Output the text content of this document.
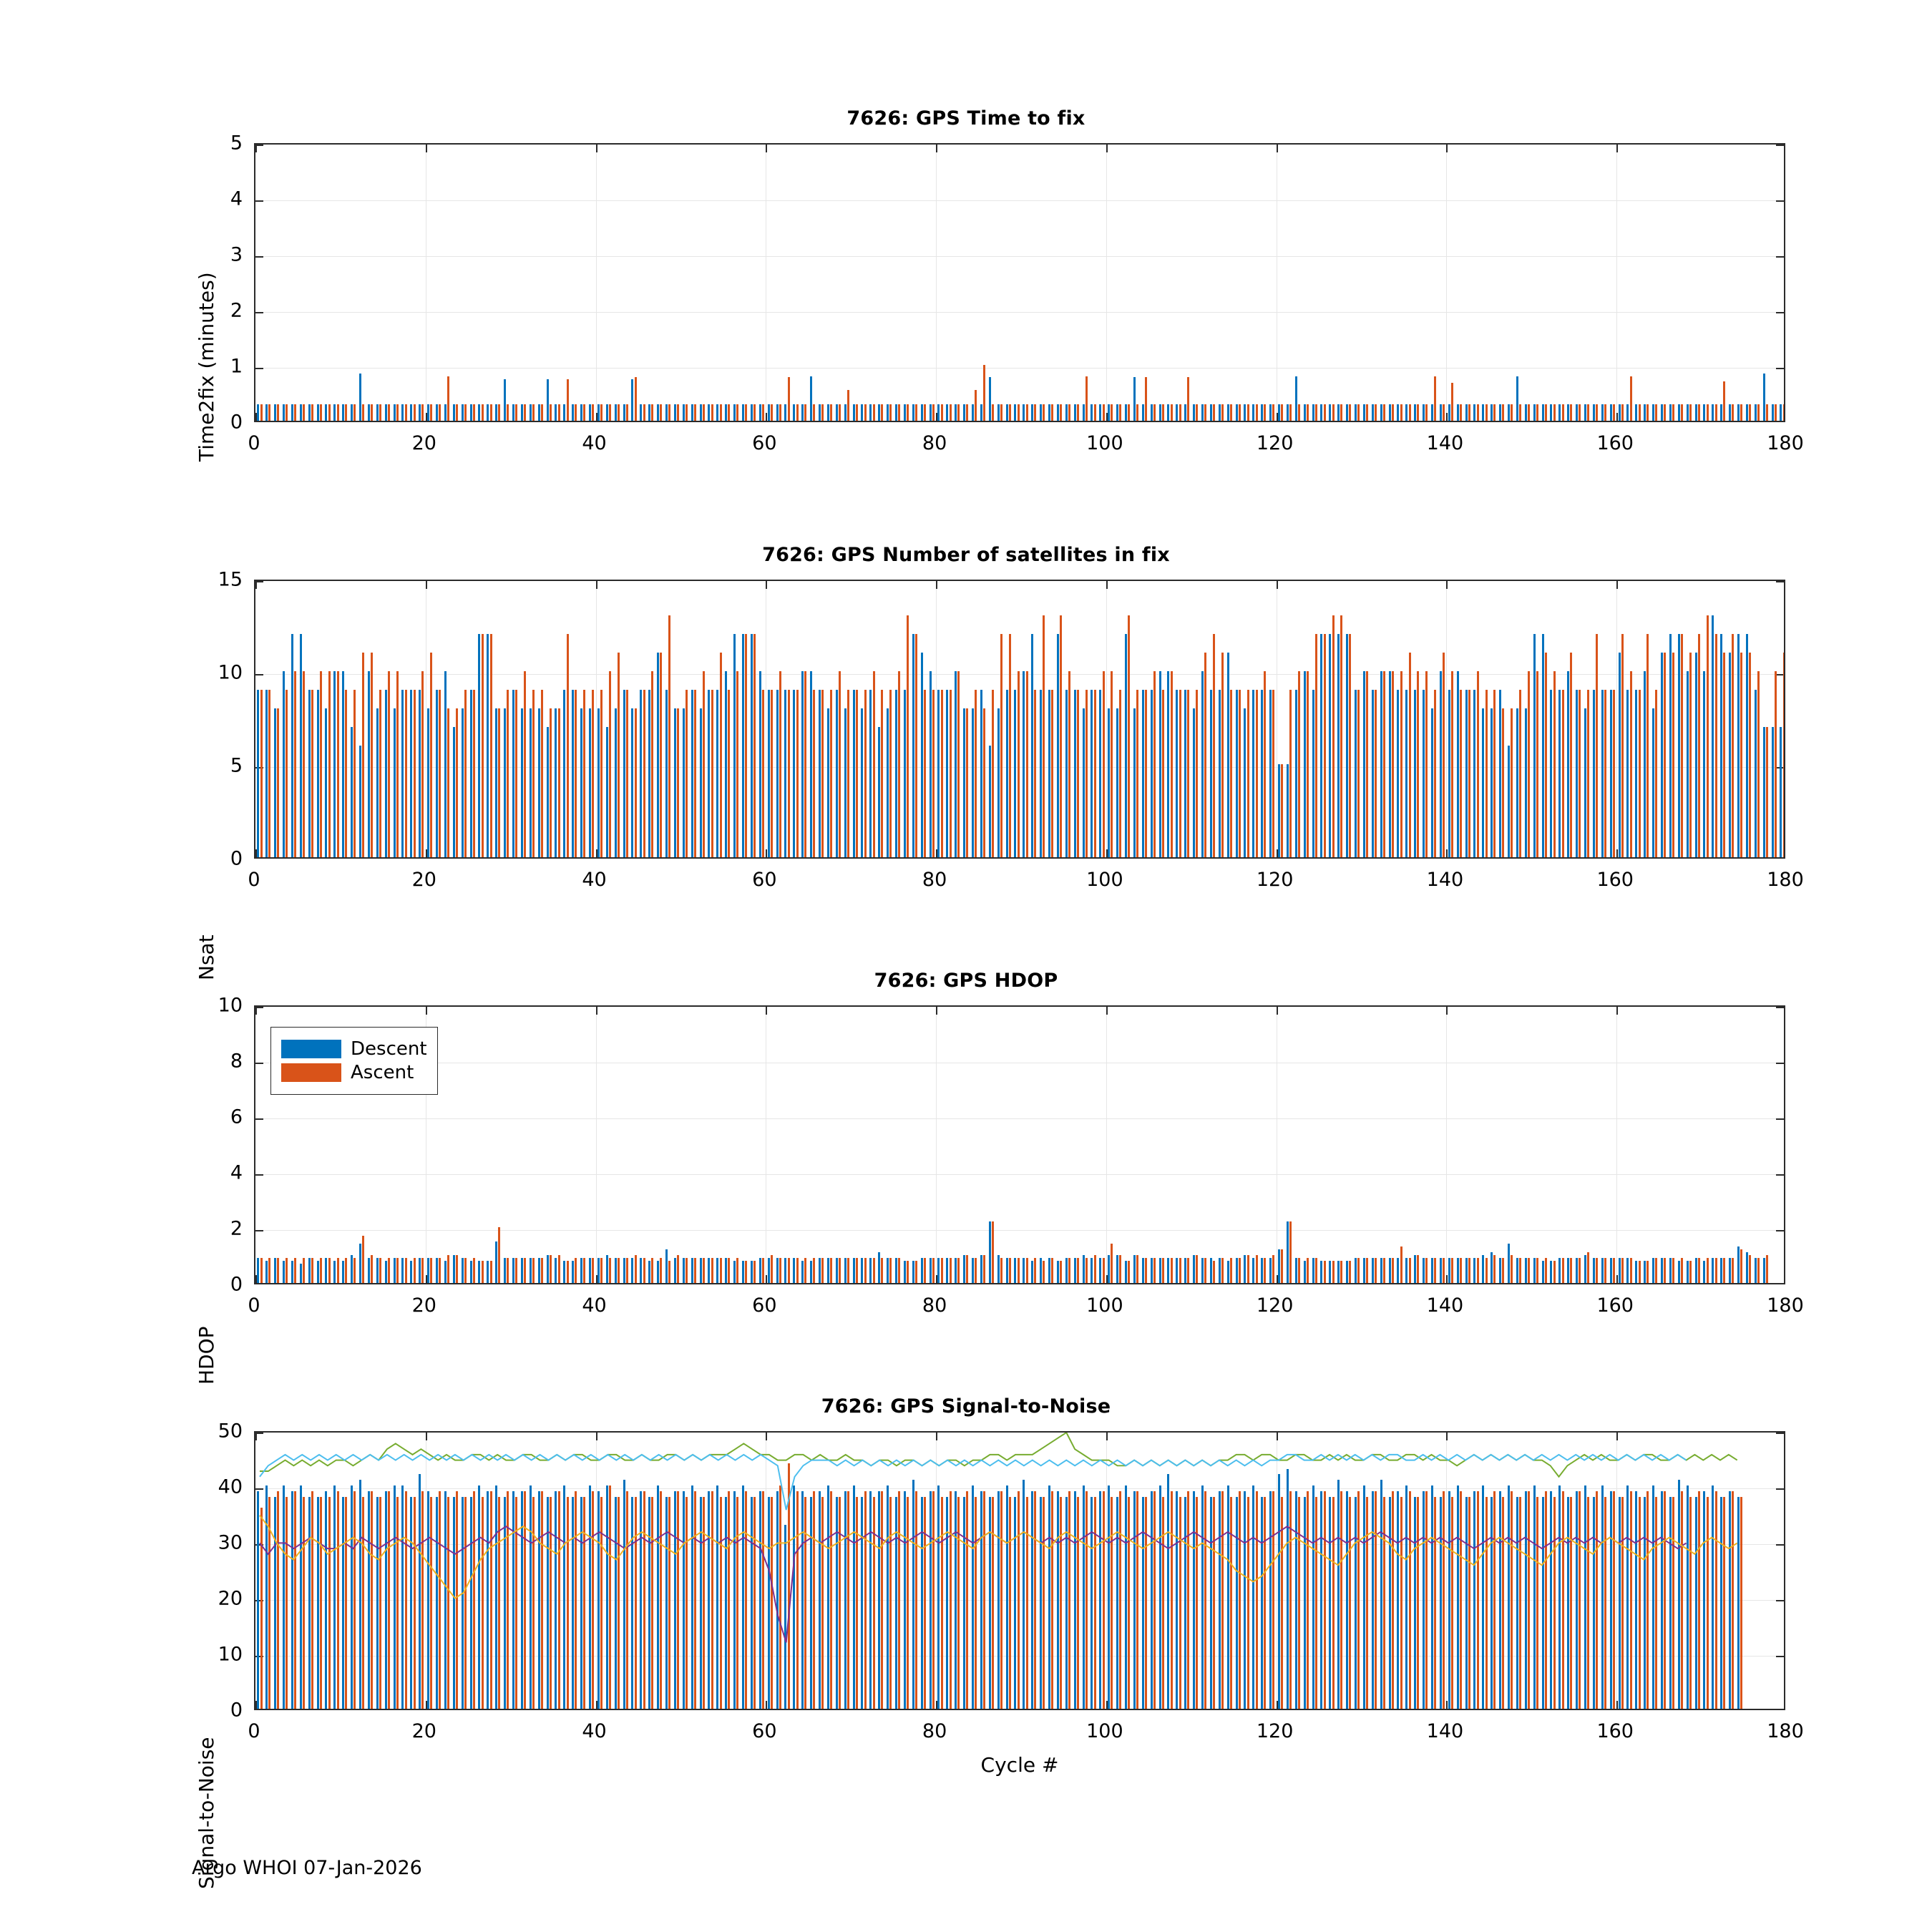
7626: GPS Time to fix
Time2fix (minutes) 0	20	40	60	80	100	120	140	160	180
0
1
2
3
4
5
7626: GPS Number of satellites in fix
Nsat
0	20	40	60	80	100	120	140	160	180
0
5
10
15
7626: GPS HDOP
HDOP
Descent
Ascent
0	20	40	60	80	100	120	140	160	180
0
2
4
6
8
10
7626: GPS Signal-to-Noise
Signal-to-Noise
0	20	40	60	80	100	120	140	160	180
0
10
20
30
40
50
Cycle #
Argo WHOI 07-Jan-2026
